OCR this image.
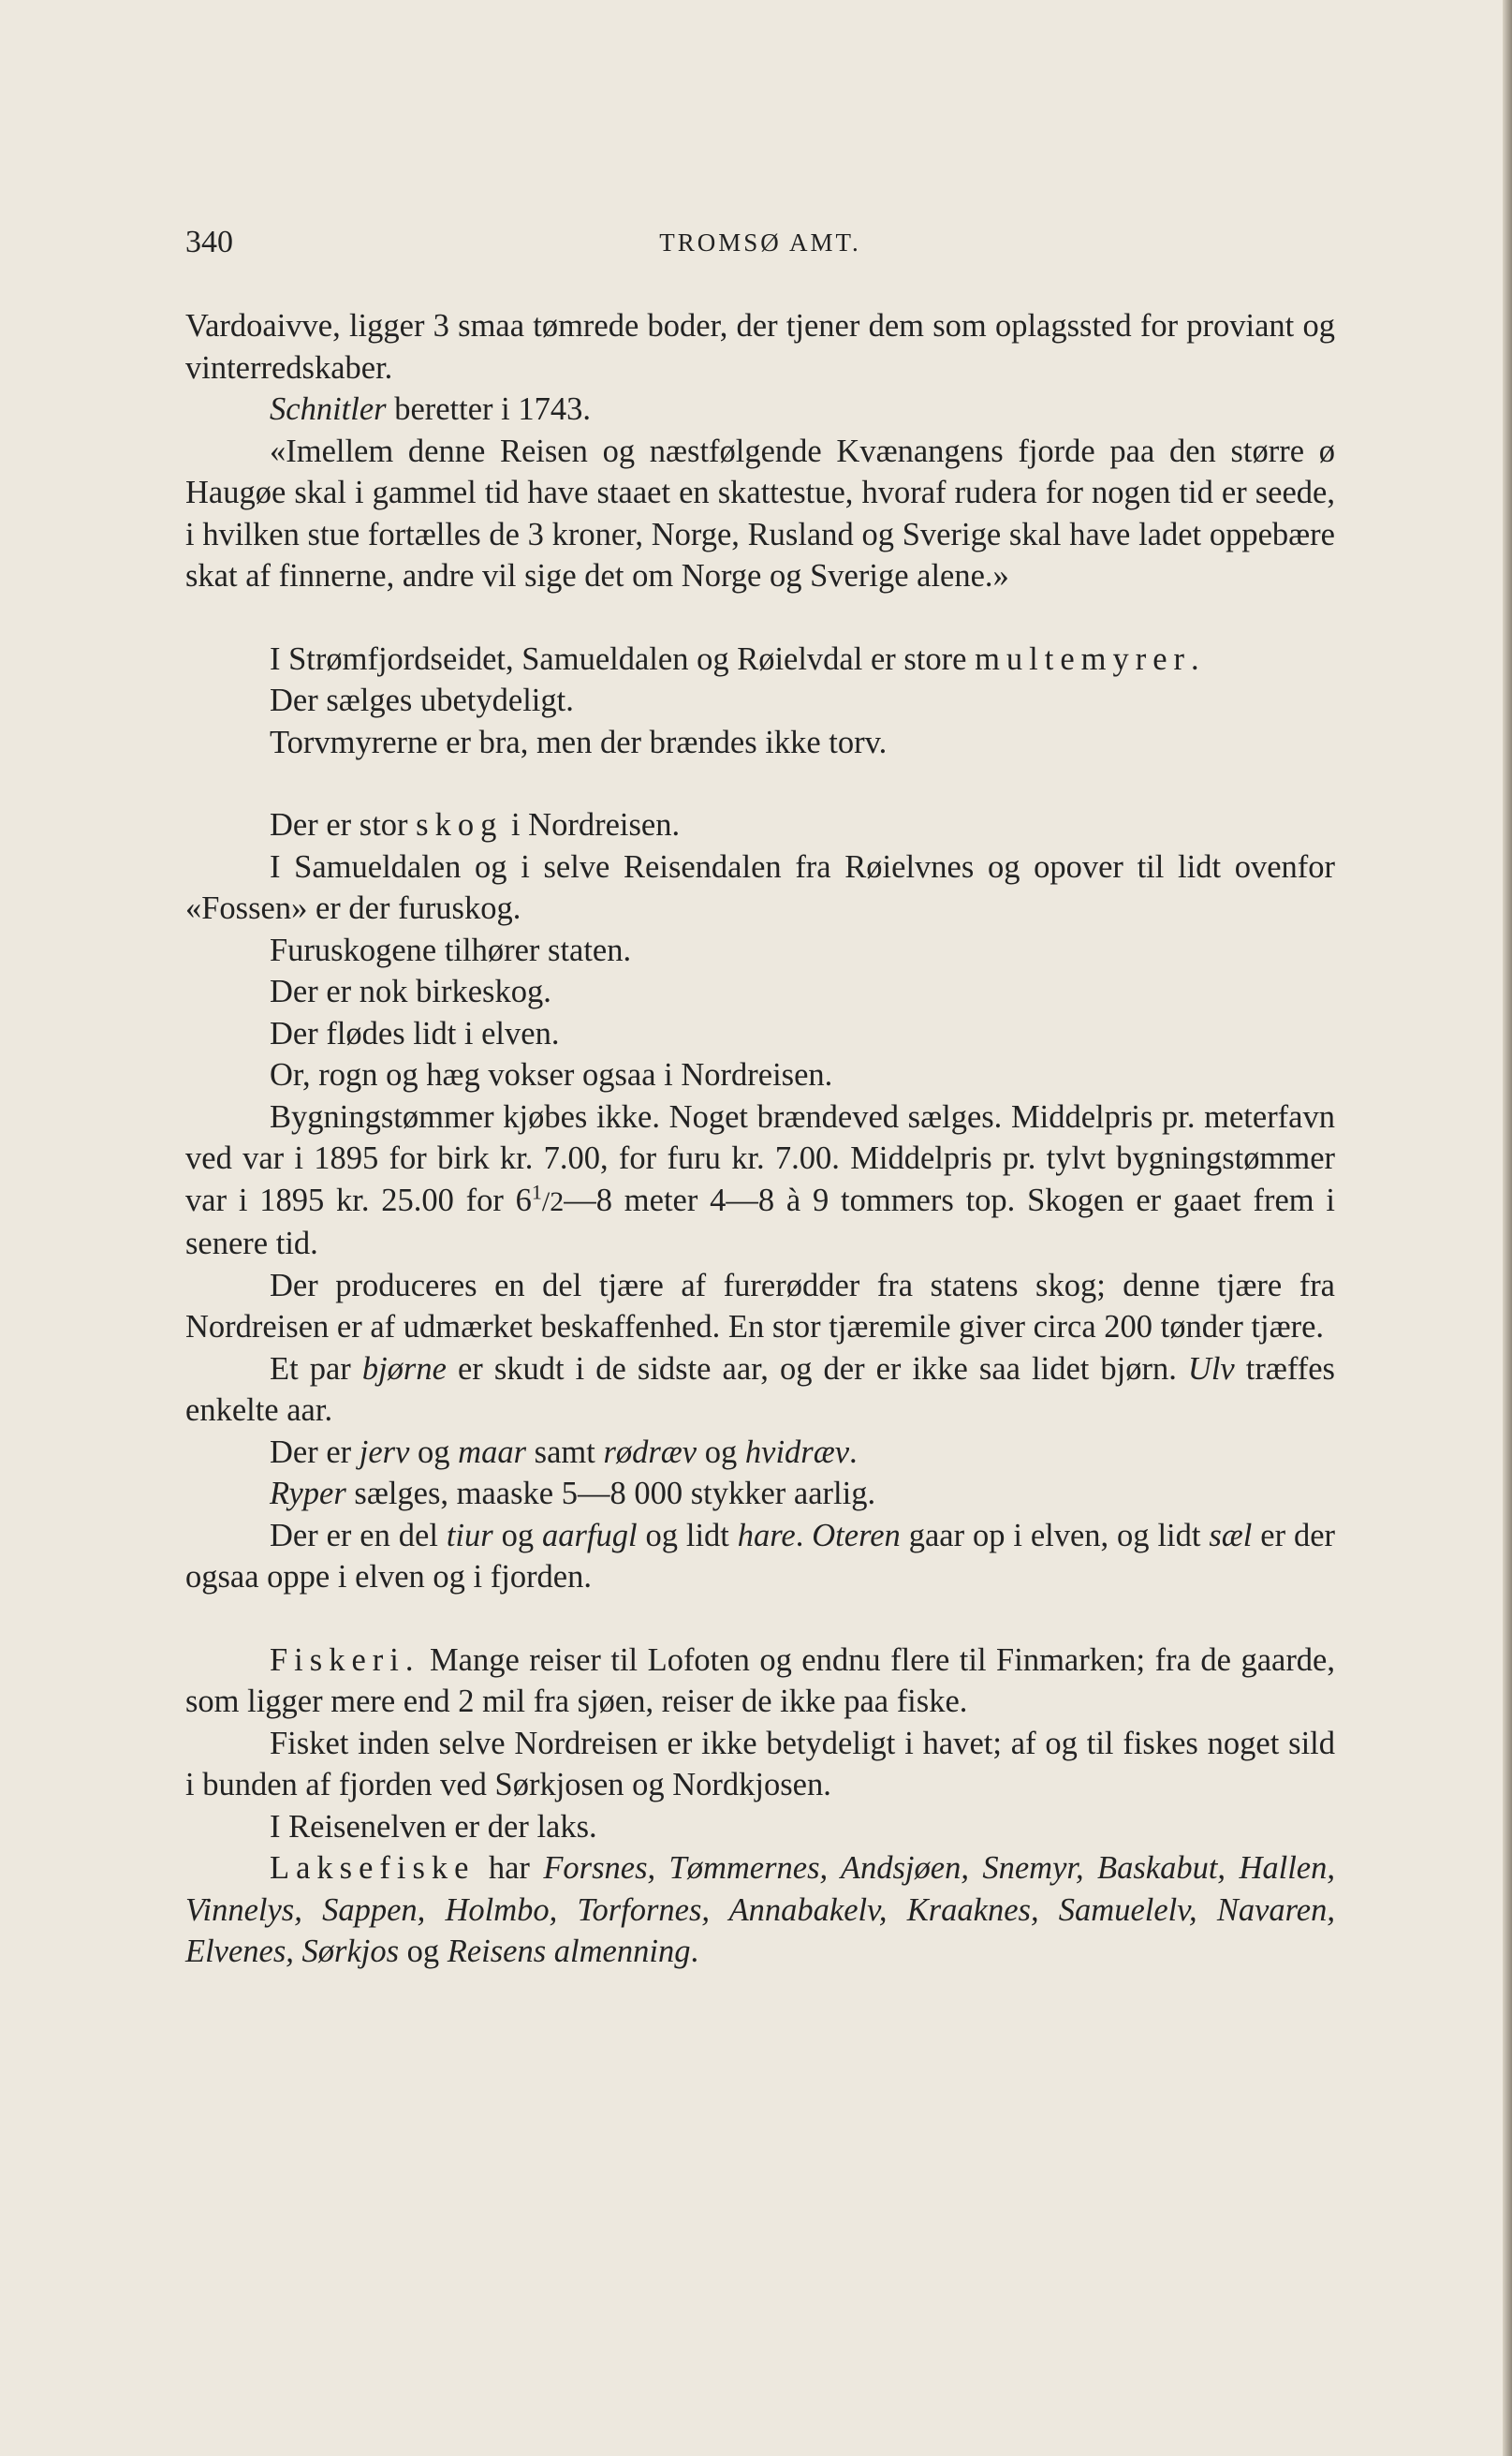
340	TROMSØ AMT.

Vardoaivve, ligger 3 smaa tømrede boder, der tjener dem som oplagssted for proviant og vinterredskaber.

Schnitler beretter i 1743.

«Imellem denne Reisen og næstfølgende Kvænangens fjorde paa den større ø Haugøe skal i gammel tid have staaet en skattestue, hvoraf rudera for nogen tid er seede, i hvilken stue fortælles de 3 kroner, Norge, Rusland og Sverige skal have ladet oppebære skat af finnerne, andre vil sige det om Norge og Sverige alene.»

I Strømfjordseidet, Samueldalen og Røielvdal er store multemyrer.

Der sælges ubetydeligt.

Torvmyrerne er bra, men der brændes ikke torv.

Der er stor skog i Nordreisen.

I Samueldalen og i selve Reisendalen fra Røielvnes og opover til lidt ovenfor «Fossen» er der furuskog.

Furuskogene tilhører staten.

Der er nok birkeskog.

Der flødes lidt i elven.

Or, rogn og hæg vokser ogsaa i Nordreisen.

Bygningstømmer kjøbes ikke. Noget brændeved sælges. Middelpris pr. meterfavn ved var i 1895 for birk kr. 7.00, for furu kr. 7.00. Middelpris pr. tylvt bygningstømmer var i 1895 kr. 25.00 for $6^1/2—8$ meter 4—8 à 9 tommers top. Skogen er gaaet frem i senere tid.

Der produceres en del tjære af furerødder fra statens skog; denne tjære fra Nordreisen er af udmærket beskaffenhed. En stor tjæremile giver circa 200 tønder tjære.

Et par bjørne er skudt i de sidste aar, og der er ikke saa lidet bjørn. Ulv træffes enkelte aar.

Der er jerv og maar samt rødræv og hvidræv.

Ryper sælges, maaske 5—8 000 stykker aarlig.

Der er en del tiur og aarfugl og lidt hare. Oteren gaar op i elven, og lidt sæl er der ogsaa oppe i elven og i fjorden.

Fiskeri. Mange reiser til Lofoten og endnu flere til Finmarken; fra de gaarde, som ligger mere end 2 mil fra sjøen, reiser de ikke paa fiske.

Fisket inden selve Nordreisen er ikke betydeligt i havet; af og til fiskes noget sild i bunden af fjorden ved Sørkjosen og Nordkjosen.

I Reisenelven er der laks.

Laksefiske har Forsnes, Tømmernes, Andsjøen, Snemyr, Baskabut, Hallen, Vinnelys, Sappen, Holmbo, Torfornes, Annabakelv, Kraaknes, Samuelelv, Navaren, Elvenes, Sørkjos og Reisens almenning.
